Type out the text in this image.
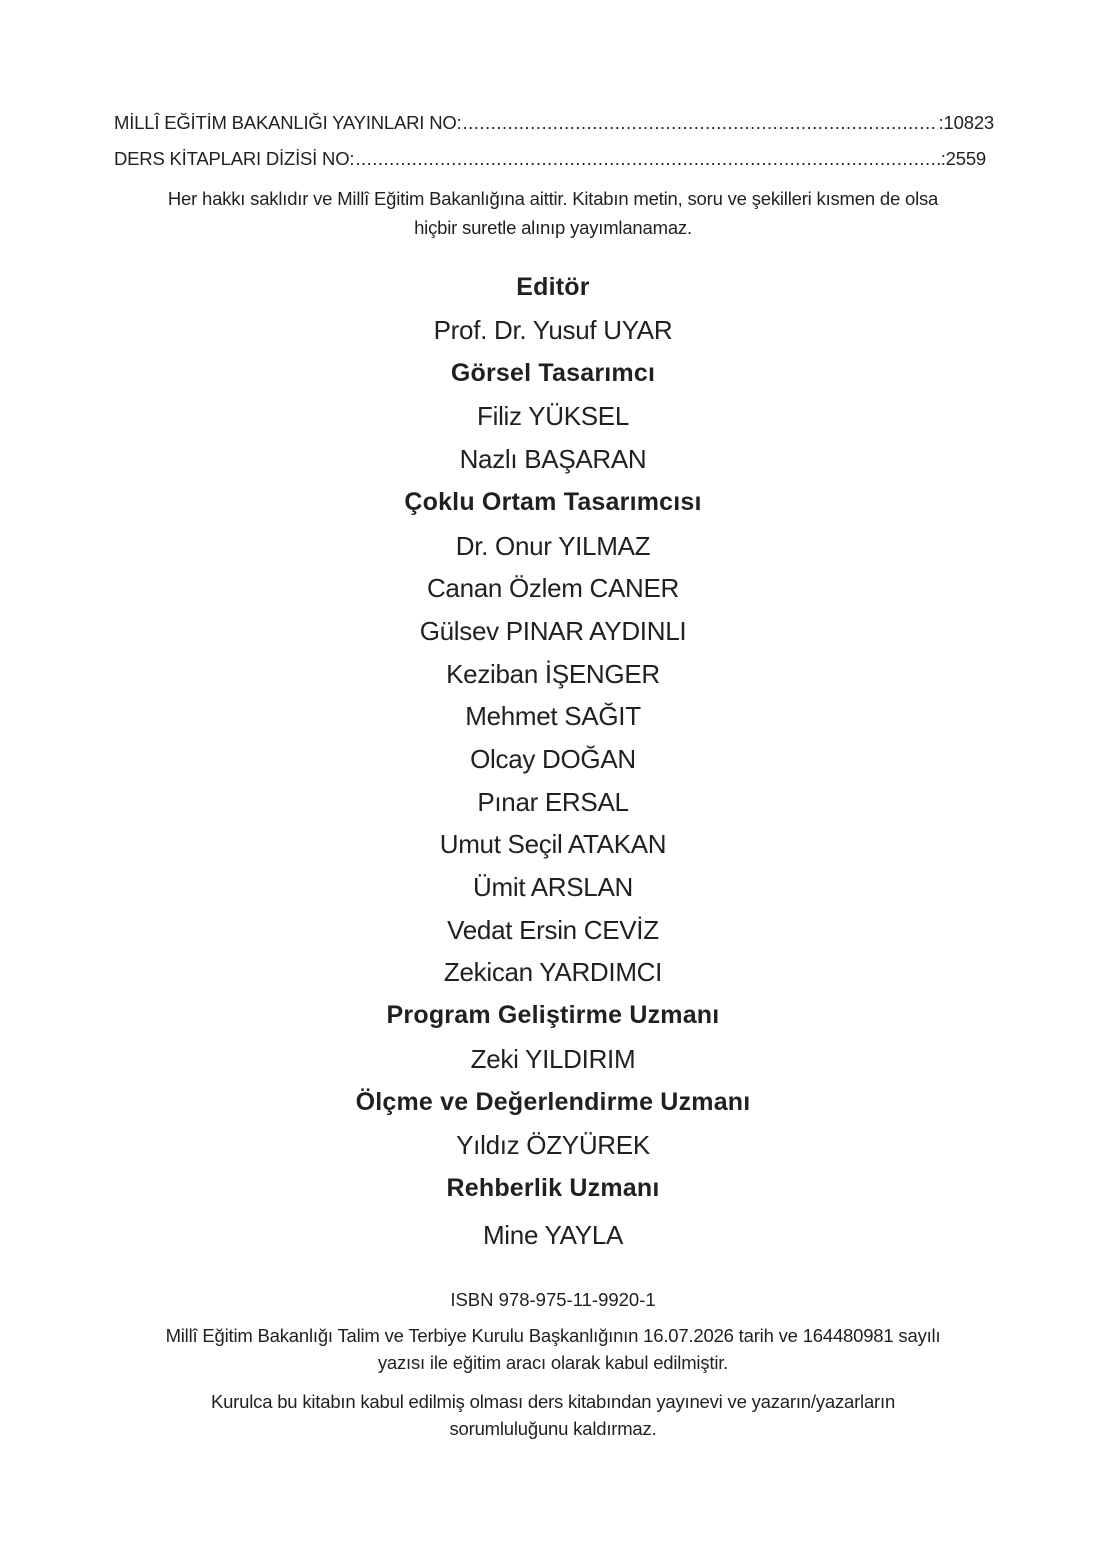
MİLLÎ EĞİTİM BAKANLIĞI YAYINLARI NO: .....	:10823
DERS KİTAPLARI DİZİSİ NO: .....	:2559
Her hakkı saklıdır ve Millî Eğitim Bakanlığına aittir. Kitabın metin, soru ve şekilleri kısmen de olsa
hiçbir suretle alınıp yayımlanamaz.
Editör
Prof. Dr. Yusuf UYAR
Görsel Tasarımcı
Filiz YÜKSEL
Nazlı BAŞARAN
Çoklu Ortam Tasarımcısı
Dr. Onur YILMAZ
Canan Özlem CANER
Gülsev PINAR AYDINLI
Keziban İŞENGER
Mehmet SAĞIT
Olcay DOĞAN
Pınar ERSAL
Umut Seçil ATAKAN
Ümit ARSLAN
Vedat Ersin CEVİZ
Zekican YARDIMCI
Program Geliştirme Uzmanı
Zeki YILDIRIM
Ölçme ve Değerlendirme Uzmanı
Yıldız ÖZYÜREK
Rehberlik Uzmanı
Mine YAYLA
ISBN 978-975-11-9920-1
Millî Eğitim Bakanlığı Talim ve Terbiye Kurulu Başkanlığının 16.07.2026 tarih ve 164480981 sayılı
yazısı ile eğitim aracı olarak kabul edilmiştir.
Kurulca bu kitabın kabul edilmiş olması ders kitabından yayınevi ve yazarın/yazarların
sorumluluğunu kaldırmaz.
